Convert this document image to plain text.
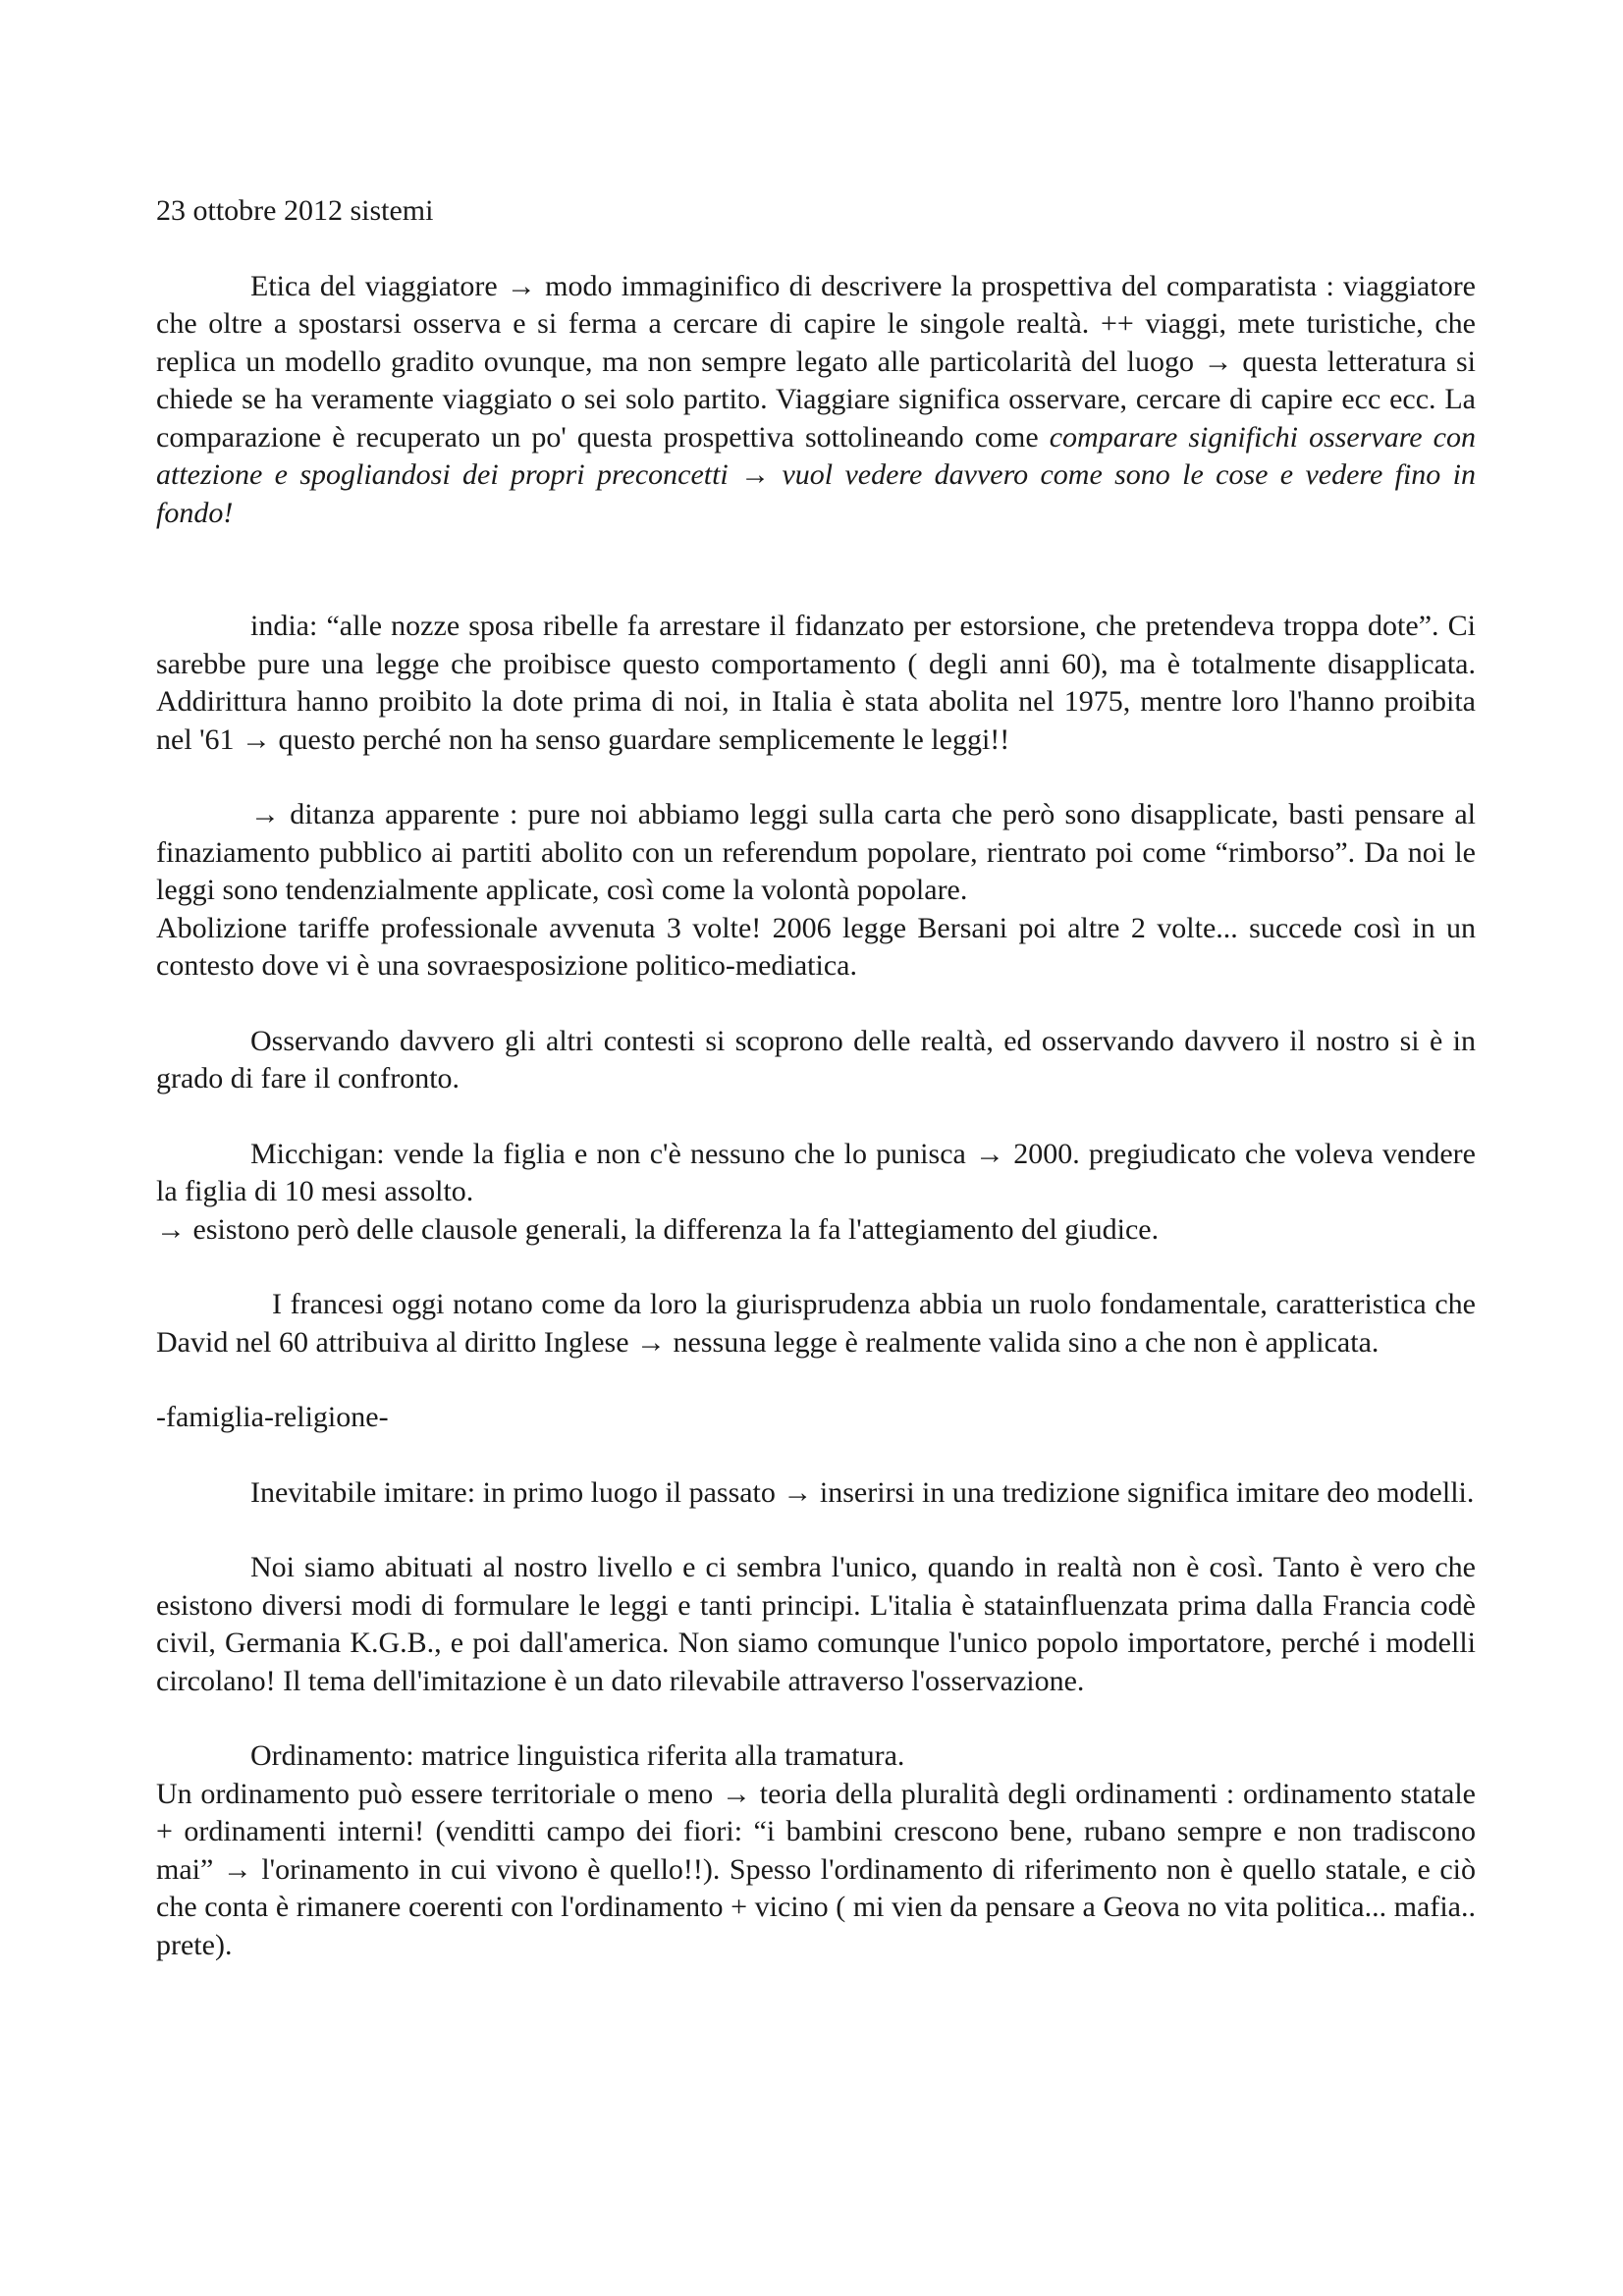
23 ottobre 2012 sistemi

Etica del viaggiatore → modo immaginifico di descrivere la prospettiva del comparatista : viaggiatore che oltre a spostarsi osserva e si ferma a cercare di capire le singole realtà. ++ viaggi, mete turistiche, che replica un modello gradito ovunque, ma non sempre legato alle particolarità del luogo → questa letteratura si chiede se ha veramente viaggiato o sei solo partito. Viaggiare significa osservare, cercare di capire ecc ecc. La comparazione è recuperato un po' questa prospettiva sottolineando come comparare significhi osservare con attezione e spogliandosi dei propri preconcetti → vuol vedere davvero come sono le cose e vedere fino in fondo!

india: “alle nozze sposa ribelle fa arrestare il fidanzato per estorsione, che pretendeva troppa dote”. Ci sarebbe pure una legge che proibisce questo comportamento ( degli anni 60), ma è totalmente disapplicata. Addirittura hanno proibito la dote prima di noi, in Italia è stata abolita nel 1975, mentre loro l'hanno proibita nel '61 → questo perché non ha senso guardare semplicemente le leggi!!

→ ditanza apparente : pure noi abbiamo leggi sulla carta che però sono disapplicate, basti pensare al finaziamento pubblico ai partiti abolito con un referendum popolare, rientrato poi come “rimborso”. Da noi le leggi sono tendenzialmente applicate, così come la volontà popolare.

Abolizione tariffe professionale avvenuta 3 volte! 2006 legge Bersani poi altre 2 volte... succede così in un contesto dove vi è una sovraesposizione politico-mediatica.

Osservando davvero gli altri contesti si scoprono delle realtà, ed osservando davvero il nostro si è in grado di fare il confronto.

Micchigan: vende la figlia e non c'è nessuno che lo punisca → 2000. pregiudicato che voleva vendere la figlia di 10 mesi assolto.

→ esistono però delle clausole generali, la differenza la fa l'attegiamento del giudice.

I francesi oggi notano come da loro la giurisprudenza abbia un ruolo fondamentale, caratteristica che David nel 60 attribuiva al diritto Inglese → nessuna legge è realmente valida sino a che non è applicata.

-famiglia-religione-

Inevitabile imitare: in primo luogo il passato → inserirsi in una tredizione significa imitare deo modelli.

Noi siamo abituati al nostro livello e ci sembra l'unico, quando in realtà non è così. Tanto è vero che esistono diversi modi di formulare le leggi e tanti principi. L'italia è statainfluenzata prima dalla Francia codè civil, Germania K.G.B., e poi dall'america. Non siamo comunque l'unico popolo importatore, perché i modelli circolano! Il tema dell'imitazione è un dato rilevabile attraverso l'osservazione.

Ordinamento: matrice linguistica riferita alla tramatura.

Un ordinamento può essere territoriale o meno → teoria della pluralità degli ordinamenti : ordinamento statale + ordinamenti interni! (venditti campo dei fiori: “i bambini crescono bene, rubano sempre e non tradiscono mai” → l'orinamento in cui vivono è quello!!). Spesso l'ordinamento di riferimento non è quello statale, e ciò che conta è rimanere coerenti con l'ordinamento + vicino ( mi vien da pensare a Geova no vita politica... mafia.. prete).
